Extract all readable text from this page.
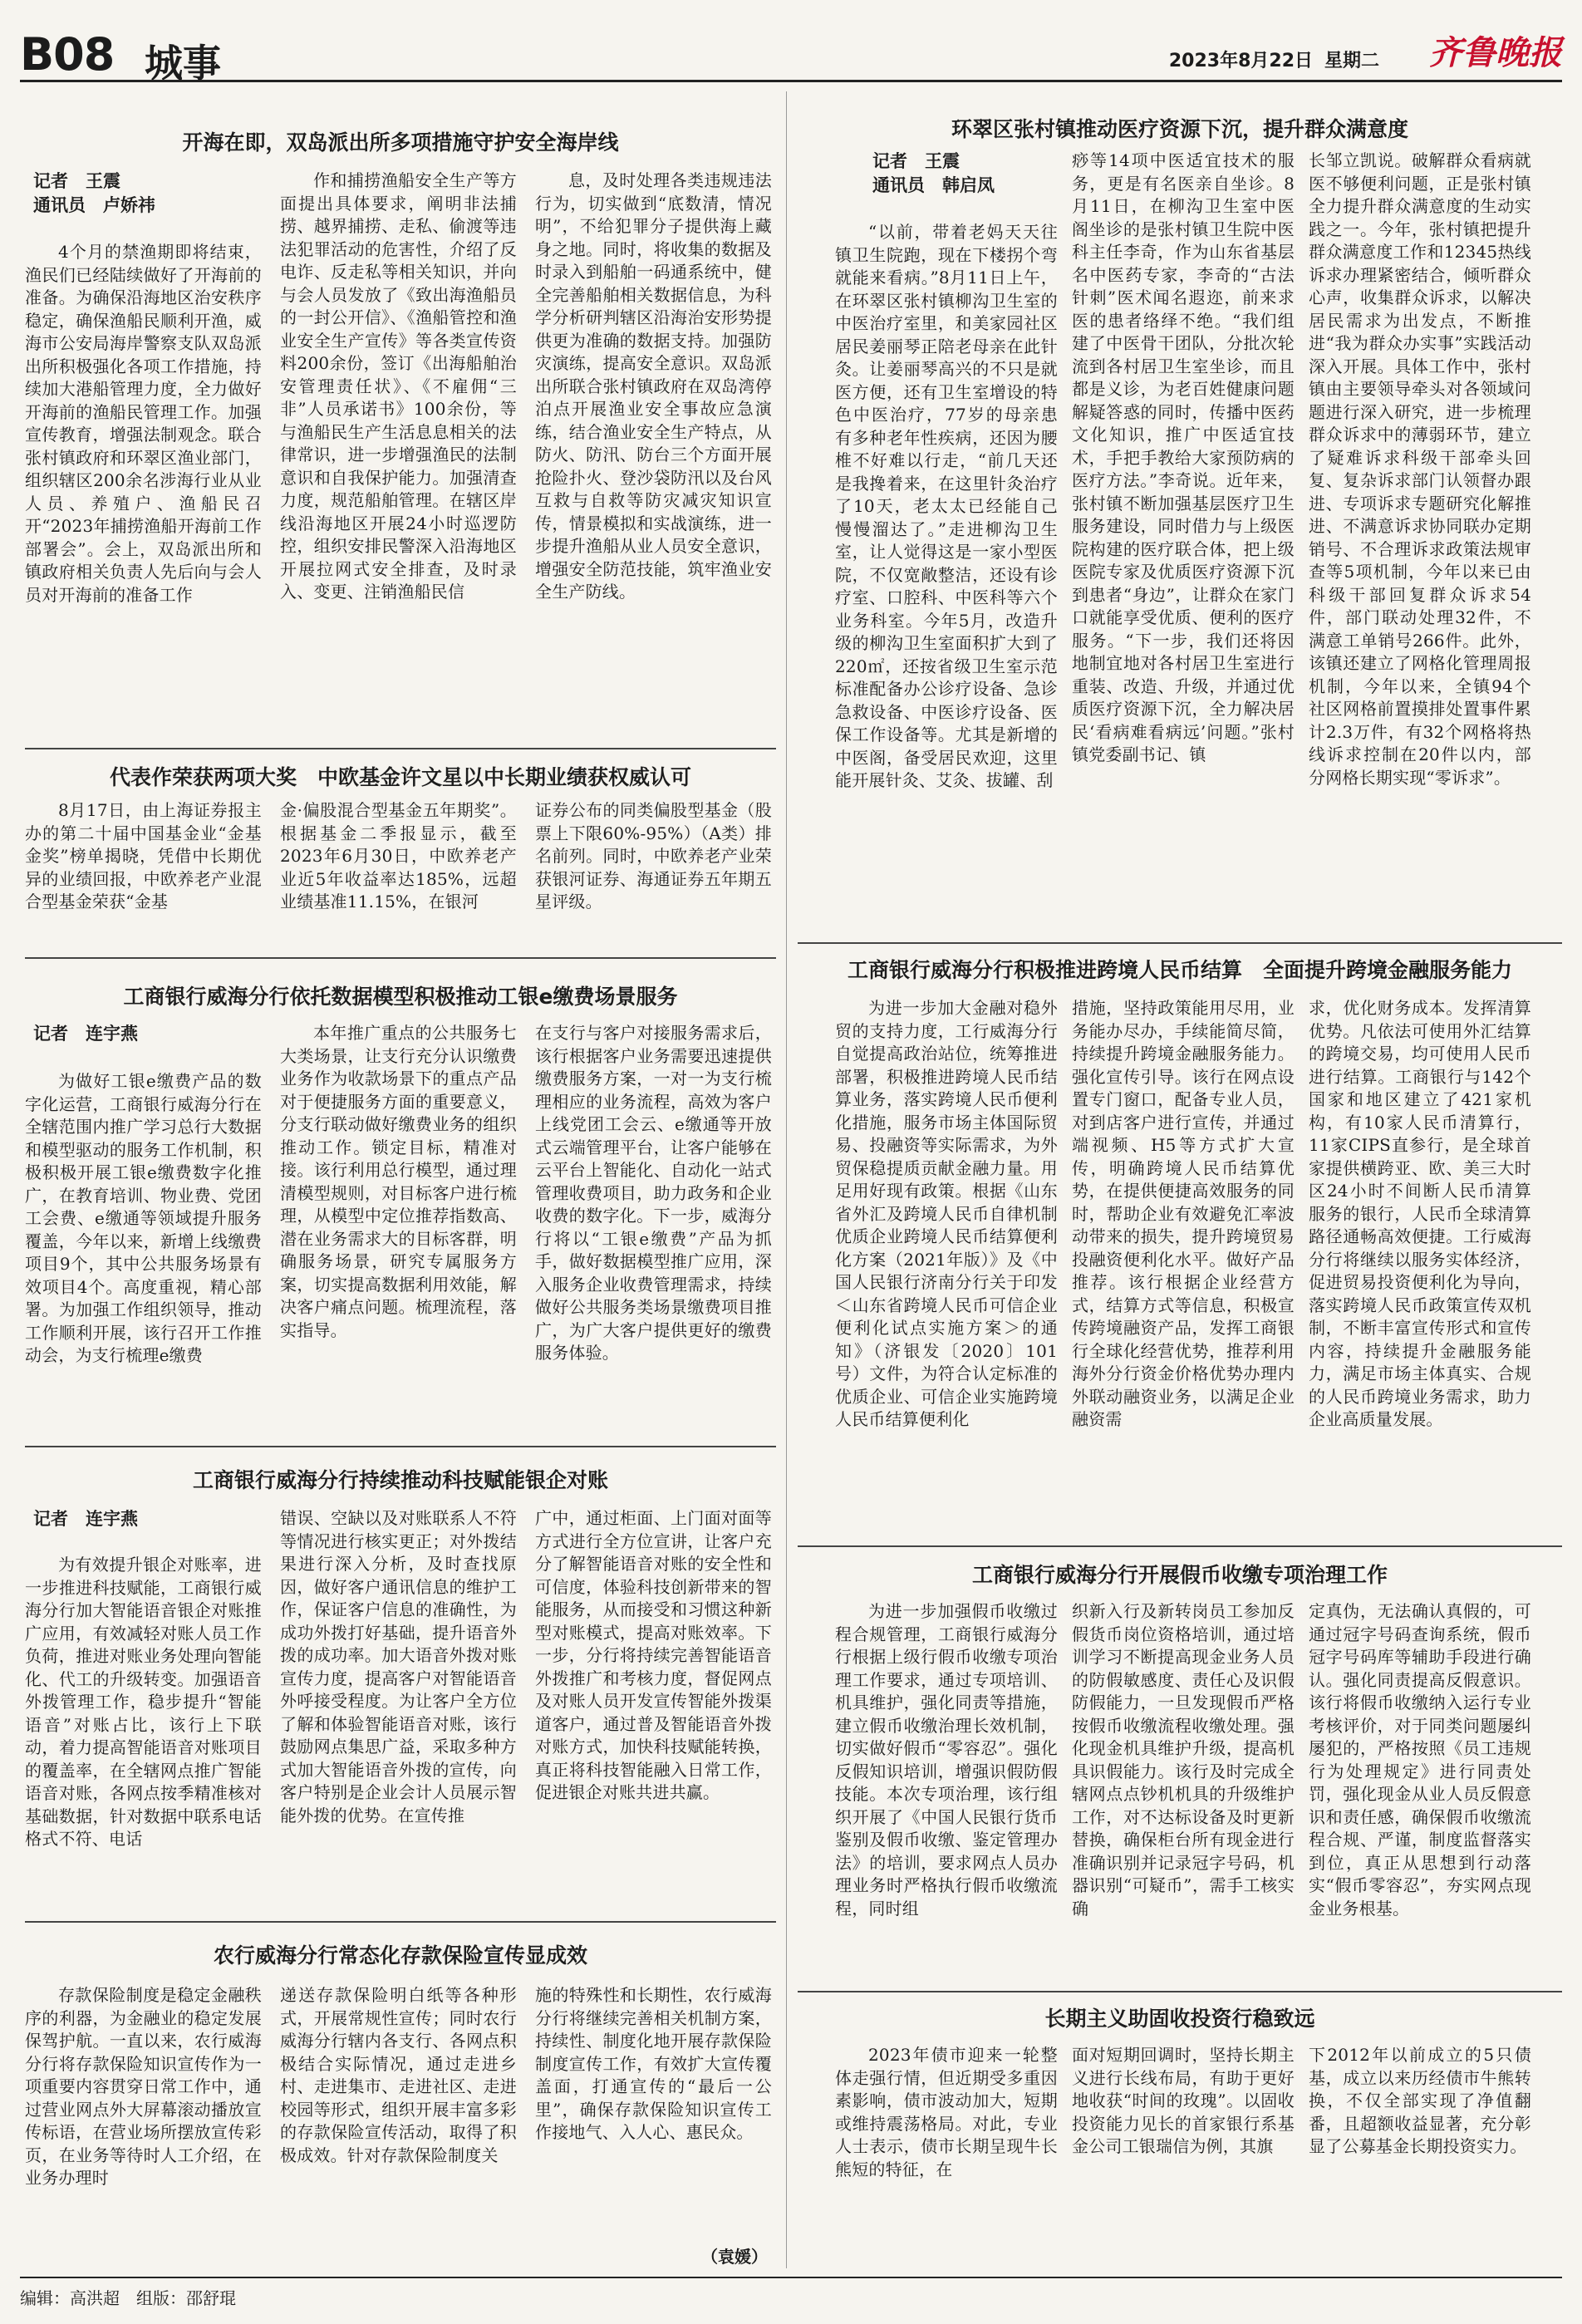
B08 城事	2023年8月22日 星期二 齐鲁晚报
开海在即，双岛派出所多项措施守护安全海岸线
记者　王震
通讯员　卢娇祎

4个月的禁渔期即将结束，渔民们已经陆续做好了开海前的准备。为确保沿海地区治安秩序稳定，确保渔船民顺利开渔，威海市公安局海岸警察支队双岛派出所积极强化各项工作措施，持续加大港船管理力度，全力做好开海前的渔船民管理工作。加强宣传教育，增强法制观念。联合张村镇政府和环翠区渔业部门，组织辖区200余名涉海行业从业人员、养殖户、渔船民召开“2023年捕捞渔船开海前工作部署会”。会上，双岛派出所和镇政府相关负责人先后向与会人员对开海前的准备工作

作和捕捞渔船安全生产等方面提出具体要求，阐明非法捕捞、越界捕捞、走私、偷渡等违法犯罪活动的危害性，介绍了反电诈、反走私等相关知识，并向与会人员发放了《致出海渔船员的一封公开信》、《渔船管控和渔业安全生产宣传》等各类宣传资料200余份，签订《出海船舶治安管理责任状》、《不雇佣“三非”人员承诺书》100余份，等与渔船民生产生活息息相关的法律常识，进一步增强渔民的法制意识和自我保护能力。加强清查力度，规范船舶管理。在辖区岸线沿海地区开展24小时巡逻防控，组织安排民警深入沿海地区开展拉网式安全排查，及时录入、变更、注销渔船民信

息，及时处理各类违规违法行为，切实做到“底数清，情况明”，不给犯罪分子提供海上藏身之地。同时，将收集的数据及时录入到船舶一码通系统中，健全完善船舶相关数据信息，为科学分析研判辖区沿海治安形势提供更为准确的数据支持。加强防灾演练，提高安全意识。双岛派出所联合张村镇政府在双岛湾停泊点开展渔业安全事故应急演练，结合渔业安全生产特点，从防火、防汛、防台三个方面开展抢险扑火、登沙袋防汛以及台风互救与自救等防灾减灾知识宣传，情景模拟和实战演练，进一步提升渔船从业人员安全意识，增强安全防范技能，筑牢渔业安全生产防线。

代表作荣获两项大奖　中欧基金许文星以中长期业绩获权威认可

8月17日，由上海证券报主办的第二十届中国基金业“金基金奖”榜单揭晓，凭借中长期优异的业绩回报，中欧养老产业混合型基金荣获“金基

金·偏股混合型基金五年期奖”。根据基金二季报显示，截至2023年6月30日，中欧养老产业近5年收益率达185%，远超业绩基准11.15%，在银河

证券公布的同类偏股型基金（股票上下限60%-95%）（A类）排名前列。同时，中欧养老产业荣获银河证券、海通证券五年期五星评级。

工商银行威海分行依托数据模型积极推动工银e缴费场景服务
记者　连宇燕

为做好工银e缴费产品的数字化运营，工商银行威海分行在全辖范围内推广学习总行大数据和模型驱动的服务工作机制，积极积极开展工银e缴费数字化推广，在教育培训、物业费、党团工会费、e缴通等领域提升服务覆盖，今年以来，新增上线缴费项目9个，其中公共服务场景有效项目4个。高度重视，精心部署。为加强工作组织领导，推动工作顺利开展，该行召开工作推动会，为支行梳理e缴费

本年推广重点的公共服务七大类场景，让支行充分认识缴费业务作为收款场景下的重点产品对于便捷服务方面的重要意义，分支行联动做好缴费业务的组织推动工作。锁定目标，精准对接。该行利用总行模型，通过理清模型规则，对目标客户进行梳理，从模型中定位推荐指数高、潜在业务需求大的目标客群，明确服务场景，研究专属服务方案，切实提高数据利用效能，解决客户痛点问题。梳理流程，落实指导。

在支行与客户对接服务需求后，该行根据客户业务需要迅速提供缴费服务方案，一对一为支行梳理相应的业务流程，高效为客户上线党团工会云、e缴通等开放式云端管理平台，让客户能够在云平台上智能化、自动化一站式管理收费项目，助力政务和企业收费的数字化。下一步，威海分行将以“工银e缴费”产品为抓手，做好数据模型推广应用，深入服务企业收费管理需求，持续做好公共服务类场景缴费项目推广，为广大客户提供更好的缴费服务体验。

工商银行威海分行持续推动科技赋能银企对账
记者　连宇燕

为有效提升银企对账率，进一步推进科技赋能，工商银行威海分行加大智能语音银企对账推广应用，有效减轻对账人员工作负荷，推进对账业务处理向智能化、代工的升级转变。加强语音外拨管理工作，稳步提升“智能语音”对账占比，该行上下联动，着力提高智能语音对账项目的覆盖率，在全辖网点推广智能语音对账，各网点按季精准核对基础数据，针对数据中联系电话格式不符、电话

错误、空缺以及对账联系人不符等情况进行核实更正；对外拨结果进行深入分析，及时查找原因，做好客户通讯信息的维护工作，保证客户信息的准确性，为成功外拨打好基础，提升语音外拨的成功率。加大语音外拨对账宣传力度，提高客户对智能语音外呼接受程度。为让客户全方位了解和体验智能语音对账，该行鼓励网点集思广益，采取多种方式加大智能语音外拨的宣传，向客户特别是企业会计人员展示智能外拨的优势。在宣传推

广中，通过柜面、上门面对面等方式进行全方位宣讲，让客户充分了解智能语音对账的安全性和可信度，体验科技创新带来的智能服务，从而接受和习惯这种新型对账模式，提高对账效率。下一步，分行将持续完善智能语音外拨推广和考核力度，督促网点及对账人员开发宣传智能外拨渠道客户，通过普及智能语音外拨对账方式，加快科技赋能转换，真正将科技智能融入日常工作，促进银企对账共进共赢。

农行威海分行常态化存款保险宣传显成效

存款保险制度是稳定金融秩序的利器，为金融业的稳定发展保驾护航。一直以来，农行威海分行将存款保险知识宣传作为一项重要内容贯穿日常工作中，通过营业网点外大屏幕滚动播放宣传标语，在营业场所摆放宣传彩页，在业务等待时人工介绍，在业务办理时

递送存款保险明白纸等各种形式，开展常规性宣传；同时农行威海分行辖内各支行、各网点积极结合实际情况，通过走进乡村、走进集市、走进社区、走进校园等形式，组织开展丰富多彩的存款保险宣传活动，取得了积极成效。针对存款保险制度关

施的特殊性和长期性，农行威海分行将继续完善相关机制方案，持续性、制度化地开展存款保险制度宣传工作，有效扩大宣传覆盖面，打通宣传的“最后一公里”，确保存款保险知识宣传工作接地气、入人心、惠民众。

（袁媛）
环翠区张村镇推动医疗资源下沉，提升群众满意度
记者　王震
通讯员　韩启凤

“以前，带着老妈天天往镇卫生院跑，现在下楼拐个弯就能来看病。”8月11日上午，在环翠区张村镇柳沟卫生室的中医治疗室里，和美家园社区居民姜丽琴正陪老母亲在此针灸。让姜丽琴高兴的不只是就医方便，还有卫生室增设的特色中医治疗，77岁的母亲患有多种老年性疾病，还因为腰椎不好难以行走，“前几天还是我搀着来，在这里针灸治疗了10天，老太太已经能自己慢慢溜达了。”走进柳沟卫生室，让人觉得这是一家小型医院，不仅宽敞整洁，还设有诊疗室、口腔科、中医科等六个业务科室。今年5月，改造升级的柳沟卫生室面积扩大到了220㎡，还按省级卫生室示范标准配备办公诊疗设备、急诊急救设备、中医诊疗设备、医保工作设备等。尤其是新增的中医阁，备受居民欢迎，这里能开展针灸、艾灸、拔罐、刮

痧等14项中医适宜技术的服务，更是有名医亲自坐诊。8月11日，在柳沟卫生室中医阁坐诊的是张村镇卫生院中医科主任李奇，作为山东省基层名中医药专家，李奇的“古法针刺”医术闻名遐迩，前来求医的患者络绎不绝。“我们组建了中医骨干团队，分批次轮流到各村居卫生室坐诊，而且都是义诊，为老百姓健康问题解疑答惑的同时，传播中医药文化知识，推广中医适宜技术，手把手教给大家预防病的医疗方法。”李奇说。近年来，张村镇不断加强基层医疗卫生服务建设，同时借力与上级医院构建的医疗联合体，把上级医院专家及优质医疗资源下沉到患者“身边”，让群众在家门口就能享受优质、便利的医疗服务。“下一步，我们还将因地制宜地对各村居卫生室进行重装、改造、升级，并通过优质医疗资源下沉，全力解决居民‘看病难看病远’问题。”张村镇党委副书记、镇

长邹立凯说。破解群众看病就医不够便利问题，正是张村镇全力提升群众满意度的生动实践之一。今年，张村镇把提升群众满意度工作和12345热线诉求办理紧密结合，倾听群众心声，收集群众诉求，以解决居民需求为出发点，不断推进“我为群众办实事”实践活动深入开展。具体工作中，张村镇由主要领导牵头对各领域问题进行深入研究，进一步梳理群众诉求中的薄弱环节，建立了疑难诉求科级干部牵头回复、复杂诉求部门认领督办跟进、专项诉求专题研究化解推进、不满意诉求协同联办定期销号、不合理诉求政策法规审查等5项机制，今年以来已由科级干部回复群众诉求54件，部门联动处理32件，不满意工单销号266件。此外，该镇还建立了网格化管理周报机制，今年以来，全镇94个社区网格前置摸排处置事件累计2.3万件，有32个网格将热线诉求控制在20件以内，部分网格长期实现“零诉求”。

工商银行威海分行积极推进跨境人民币结算　全面提升跨境金融服务能力

为进一步加大金融对稳外贸的支持力度，工行威海分行自觉提高政治站位，统筹推进部署，积极推进跨境人民币结算业务，落实跨境人民币便利化措施，服务市场主体国际贸易、投融资等实际需求，为外贸保稳提质贡献金融力量。用足用好现有政策。根据《山东省外汇及跨境人民币自律机制优质企业跨境人民币结算便利化方案（2021年版）》及《中国人民银行济南分行关于印发＜山东省跨境人民币可信企业便利化试点实施方案＞的通知》（济银发〔2020〕101号）文件，为符合认定标准的优质企业、可信企业实施跨境人民币结算便利化

措施，坚持政策能用尽用，业务能办尽办，手续能简尽简，持续提升跨境金融服务能力。强化宣传引导。该行在网点设置专门窗口，配备专业人员，对到店客户进行宣传，并通过端视频、H5等方式扩大宣传，明确跨境人民币结算优势，在提供便捷高效服务的同时，帮助企业有效避免汇率波动带来的损失，提升跨境贸易投融资便利化水平。做好产品推荐。该行根据企业经营方式，结算方式等信息，积极宣传跨境融资产品，发挥工商银行全球化经营优势，推荐利用海外分行资金价格优势办理内外联动融资业务，以满足企业融资需

求，优化财务成本。发挥清算优势。凡依法可使用外汇结算的跨境交易，均可使用人民币进行结算。工商银行与142个国家和地区建立了421家机构，有10家人民币清算行，11家CIPS直参行，是全球首家提供横跨亚、欧、美三大时区24小时不间断人民币清算服务的银行，人民币全球清算路径通畅高效便捷。工行威海分行将继续以服务实体经济，促进贸易投资便利化为导向，落实跨境人民币政策宣传双机制，不断丰富宣传形式和宣传内容，持续提升金融服务能力，满足市场主体真实、合规的人民币跨境业务需求，助力企业高质量发展。

工商银行威海分行开展假币收缴专项治理工作

为进一步加强假币收缴过程合规管理，工商银行威海分行根据上级行假币收缴专项治理工作要求，通过专项培训、机具维护，强化同责等措施，建立假币收缴治理长效机制，切实做好假币“零容忍”。强化反假知识培训，增强识假防假技能。本次专项治理，该行组织开展了《中国人民银行货币鉴别及假币收缴、鉴定管理办法》的培训，要求网点人员办理业务时严格执行假币收缴流程，同时组

织新入行及新转岗员工参加反假货币岗位资格培训，通过培训学习不断提高现金业务人员的防假敏感度、责任心及识假防假能力，一旦发现假币严格按假币收缴流程收缴处理。强化现金机具维护升级，提高机具识假能力。该行及时完成全辖网点点钞机机具的升级维护工作，对不达标设备及时更新替换，确保柜台所有现金进行准确识别并记录冠字号码，机器识别“可疑币”，需手工核实确

定真伪，无法确认真假的，可通过冠字号码查询系统，假币冠字号码库等辅助手段进行确认。强化同责提高反假意识。该行将假币收缴纳入运行专业考核评价，对于同类问题屡纠屡犯的，严格按照《员工违规行为处理规定》进行同责处罚，强化现金从业人员反假意识和责任感，确保假币收缴流程合规、严谨，制度监督落实到位，真正从思想到行动落实“假币零容忍”，夯实网点现金业务根基。

长期主义助固收投资行稳致远

2023年债市迎来一轮整体走强行情，但近期受多重因素影响，债市波动加大，短期或维持震荡格局。对此，专业人士表示，债市长期呈现牛长熊短的特征，在

面对短期回调时，坚持长期主义进行长线布局，有助于更好地收获“时间的玫瑰”。以固收投资能力见长的首家银行系基金公司工银瑞信为例，其旗

下2012年以前成立的5只债基，成立以来历经债市牛熊转换，不仅全部实现了净值翻番，且超额收益显著，充分彰显了公募基金长期投资实力。

编辑：高洪超　组版：邵舒琨
